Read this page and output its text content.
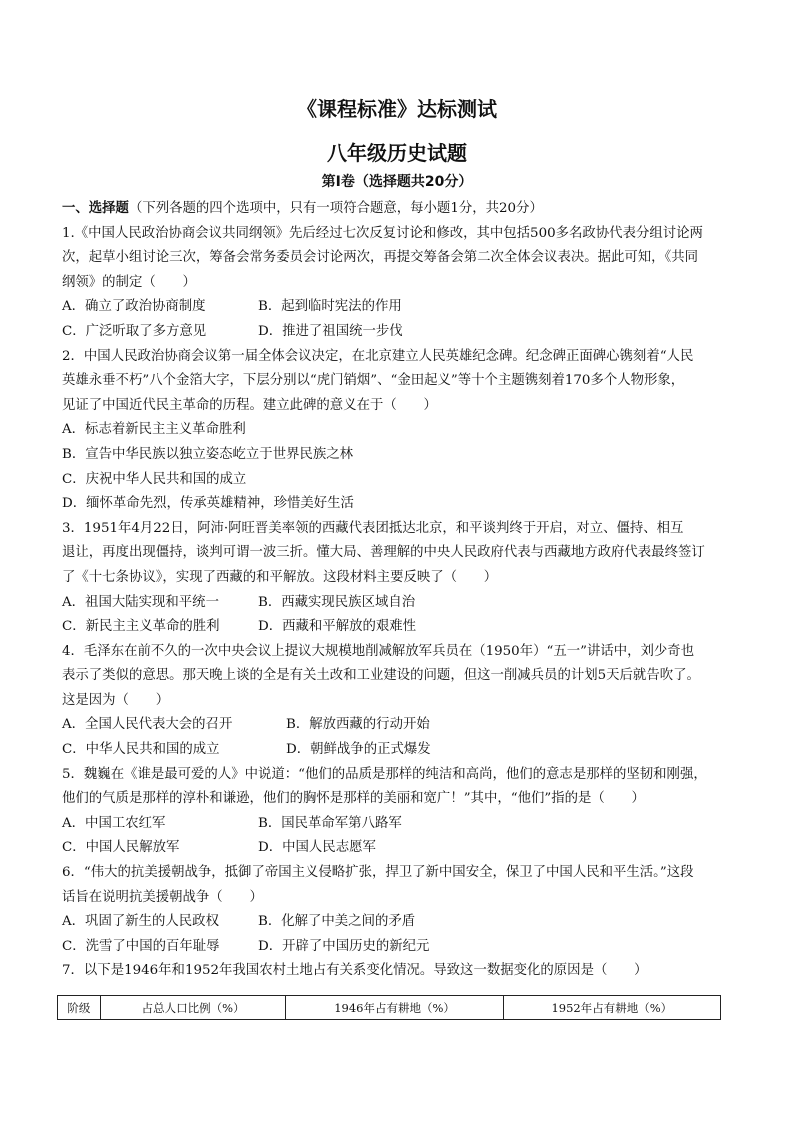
《课程标准》达标测试
八年级历史试题
第Ⅰ卷（选择题共20分）

一、选择题（下列各题的四个选项中，只有一项符合题意，每小题1分，共20分）

1.《中国人民政治协商会议共同纲领》先后经过七次反复讨论和修改，其中包括500多名政协代表分组讨论两

次，起草小组讨论三次，筹备会常务委员会讨论两次，再提交筹备会第二次全体会议表决。据此可知，《共同

纲领》的制定（　　）

A．确立了政治协商制度	B．起到临时宪法的作用

C．广泛听取了多方意见	D．推进了祖国统一步伐

2．中国人民政治协商会议第一届全体会议决定，在北京建立人民英雄纪念碑。纪念碑正面碑心镌刻着“人民

英雄永垂不朽”八个金箔大字，下层分别以“虎门销烟”、“金田起义”等十个主题镌刻着170多个人物形象，

见证了中国近代民主革命的历程。建立此碑的意义在于（　　）

A．标志着新民主主义革命胜利

B．宣告中华民族以独立姿态屹立于世界民族之林

C．庆祝中华人民共和国的成立

D．缅怀革命先烈，传承英雄精神，珍惜美好生活

3．1951年4月22日，阿沛·阿旺晋美率领的西藏代表团抵达北京，和平谈判终于开启，对立、僵持、相互

退让，再度出现僵持，谈判可谓一波三折。懂大局、善理解的中央人民政府代表与西藏地方政府代表最终签订

了《十七条协议》，实现了西藏的和平解放。这段材料主要反映了（　　）

A．祖国大陆实现和平统一	B．西藏实现民族区域自治

C．新民主主义革命的胜利	D．西藏和平解放的艰难性

4．毛泽东在前不久的一次中央会议上提议大规模地削减解放军兵员在（1950年）“五一”讲话中，刘少奇也

表示了类似的意思。那天晚上谈的全是有关土改和工业建设的问题，但这一削减兵员的计划5天后就告吹了。

这是因为（　　）

A．全国人民代表大会的召开	B．解放西藏的行动开始

C．中华人民共和国的成立	D．朝鲜战争的正式爆发

5．魏巍在《谁是最可爱的人》中说道：“他们的品质是那样的纯洁和高尚，他们的意志是那样的坚韧和刚强，

他们的气质是那样的淳朴和谦逊，他们的胸怀是那样的美丽和宽广！”其中，“他们”指的是（　　）

A．中国工农红军	B．国民革命军第八路军

C．中国人民解放军	D．中国人民志愿军

6．“伟大的抗美援朝战争，抵御了帝国主义侵略扩张，捍卫了新中国安全，保卫了中国人民和平生活。”这段

话旨在说明抗美援朝战争（　　）

A．巩固了新生的人民政权	B．化解了中美之间的矛盾

C．洗雪了中国的百年耻辱	D．开辟了中国历史的新纪元

7．以下是1946年和1952年我国农村土地占有关系变化情况。导致这一数据变化的原因是（　　）

阶级	占总人口比例（%）	1946年占有耕地（%）	1952年占有耕地（%）
